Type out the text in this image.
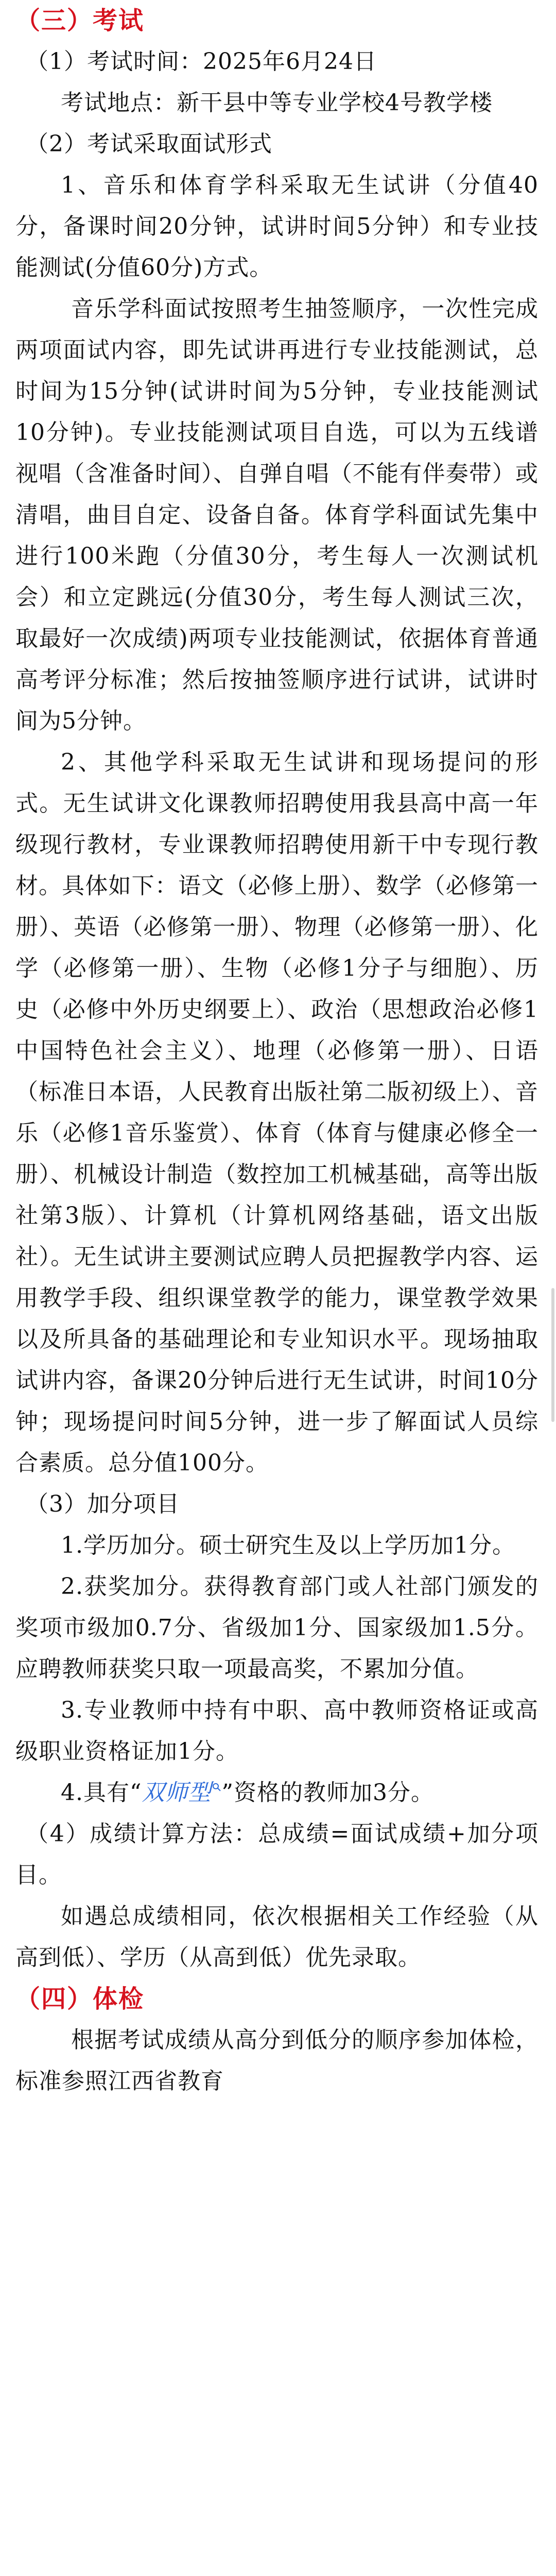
（三）考试

（1）考试时间：2025年6月24日

考试地点：新干县中等专业学校4号教学楼

（2）考试采取面试形式

1、音乐和体育学科采取无生试讲（分值40分，备课时间20分钟，试讲时间5分钟）和专业技能测试(分值60分)方式。

音乐学科面试按照考生抽签顺序，一次性完成两项面试内容，即先试讲再进行专业技能测试，总时间为15分钟(试讲时间为5分钟，专业技能测试10分钟)。专业技能测试项目自选，可以为五线谱视唱（含准备时间）、自弹自唱（不能有伴奏带）或清唱，曲目自定、设备自备。体育学科面试先集中进行100米跑（分值30分，考生每人一次测试机会）和立定跳远(分值30分，考生每人测试三次，取最好一次成绩)两项专业技能测试，依据体育普通高考评分标准；然后按抽签顺序进行试讲，试讲时间为5分钟。

2、其他学科采取无生试讲和现场提问的形式。无生试讲文化课教师招聘使用我县高中高一年级现行教材，专业课教师招聘使用新干中专现行教材。具体如下：语文（必修上册）、数学（必修第一册）、英语（必修第一册）、物理（必修第一册）、化学（必修第一册）、生物（必修1分子与细胞）、历史（必修中外历史纲要上）、政治（思想政治必修1中国特色社会主义）、地理（必修第一册）、日语（标准日本语，人民教育出版社第二版初级上）、音乐（必修1音乐鉴赏）、体育（体育与健康必修全一册）、机械设计制造（数控加工机械基础，高等出版社第3版）、计算机（计算机网络基础，语文出版社）。无生试讲主要测试应聘人员把握教学内容、运用教学手段、组织课堂教学的能力，课堂教学效果以及所具备的基础理论和专业知识水平。现场抽取试讲内容，备课20分钟后进行无生试讲，时间10分钟；现场提问时间5分钟，进一步了解面试人员综合素质。总分值100分。

（3）加分项目

1.学历加分。硕士研究生及以上学历加1分。

2.获奖加分。获得教育部门或人社部门颁发的奖项市级加0.7分、省级加1分、国家级加1.5分。应聘教师获奖只取一项最高奖，不累加分值。

3.专业教师中持有中职、高中教师资格证或高级职业资格证加1分。

4.具有“双师型 ”资格的教师加3分。

（4）成绩计算方法：总成绩=面试成绩+加分项目。

如遇总成绩相同，依次根据相关工作经验（从高到低）、学历（从高到低）优先录取。

（四）体检

根据考试成绩从高分到低分的顺序参加体检，标准参照江西省教育
